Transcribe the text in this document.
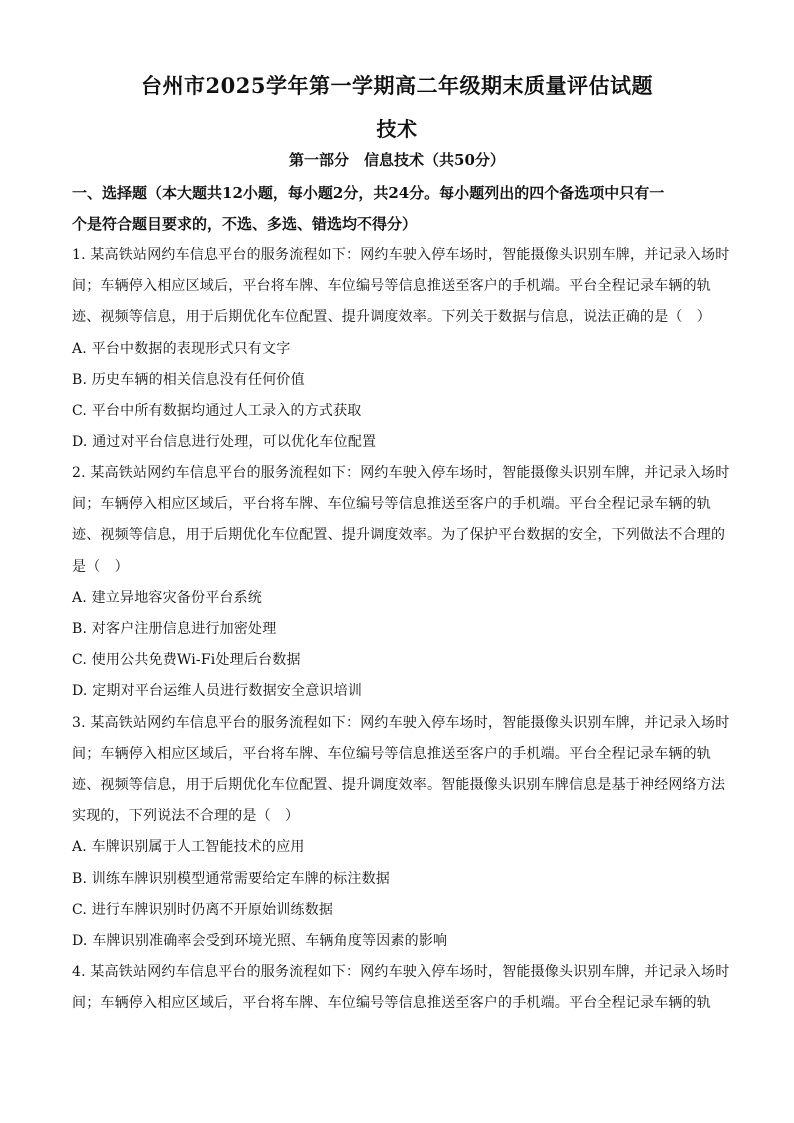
台州市2025学年第一学期高二年级期末质量评估试题
技术
第一部分　信息技术（共50分）
一、选择题（本大题共12小题，每小题2分，共24分。每小题列出的四个备选项中只有一
个是符合题目要求的，不选、多选、错选均不得分）
1. 某高铁站网约车信息平台的服务流程如下：网约车驶入停车场时，智能摄像头识别车牌，并记录入场时
间；车辆停入相应区域后，平台将车牌、车位编号等信息推送至客户的手机端。平台全程记录车辆的轨
迹、视频等信息，用于后期优化车位配置、提升调度效率。下列关于数据与信息，说法正确的是（　）
A. 平台中数据的表现形式只有文字
B. 历史车辆的相关信息没有任何价值
C. 平台中所有数据均通过人工录入的方式获取
D. 通过对平台信息进行处理，可以优化车位配置
2. 某高铁站网约车信息平台的服务流程如下：网约车驶入停车场时，智能摄像头识别车牌，并记录入场时
间；车辆停入相应区域后，平台将车牌、车位编号等信息推送至客户的手机端。平台全程记录车辆的轨
迹、视频等信息，用于后期优化车位配置、提升调度效率。为了保护平台数据的安全，下列做法不合理的
是（　）
A. 建立异地容灾备份平台系统
B. 对客户注册信息进行加密处理
C. 使用公共免费Wi-Fi处理后台数据
D. 定期对平台运维人员进行数据安全意识培训
3. 某高铁站网约车信息平台的服务流程如下：网约车驶入停车场时，智能摄像头识别车牌，并记录入场时
间；车辆停入相应区域后，平台将车牌、车位编号等信息推送至客户的手机端。平台全程记录车辆的轨
迹、视频等信息，用于后期优化车位配置、提升调度效率。智能摄像头识别车牌信息是基于神经网络方法
实现的，下列说法不合理的是（　）
A. 车牌识别属于人工智能技术的应用
B. 训练车牌识别模型通常需要给定车牌的标注数据
C. 进行车牌识别时仍离不开原始训练数据
D. 车牌识别准确率会受到环境光照、车辆角度等因素的影响
4. 某高铁站网约车信息平台的服务流程如下：网约车驶入停车场时，智能摄像头识别车牌，并记录入场时
间；车辆停入相应区域后，平台将车牌、车位编号等信息推送至客户的手机端。平台全程记录车辆的轨
